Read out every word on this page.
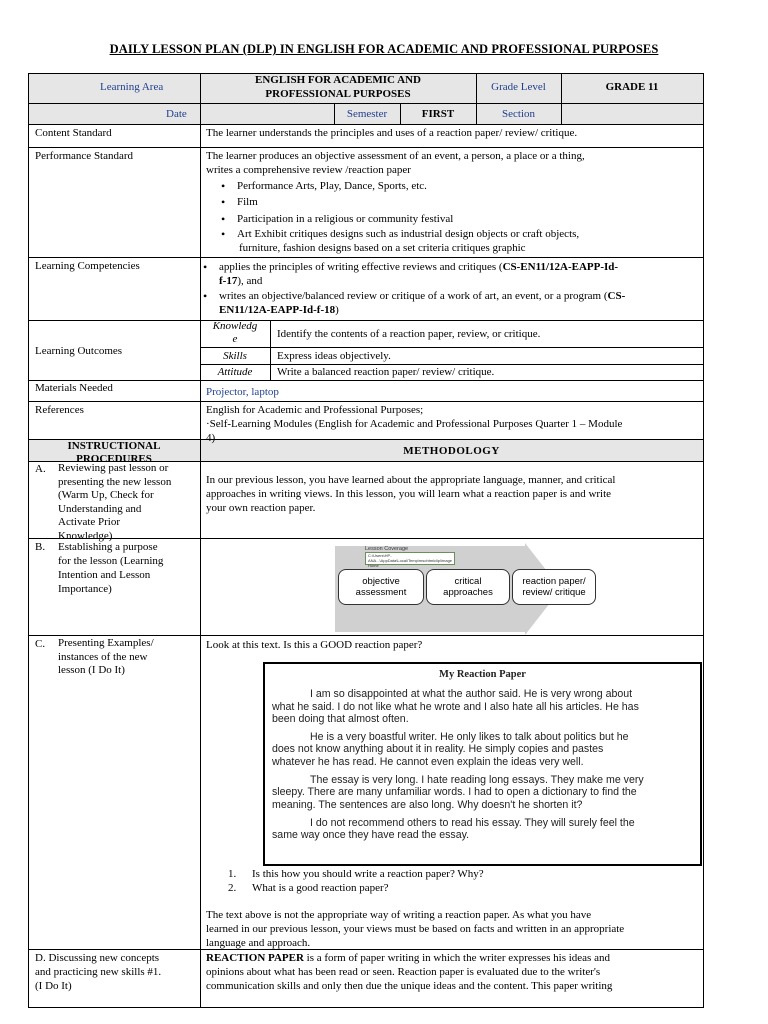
DAILY LESSON PLAN (DLP) IN ENGLISH FOR ACADEMIC AND PROFESSIONAL PURPOSES
Learning Area
ENGLISH FOR ACADEMIC AND
PROFESSIONAL PURPOSES
Grade Level	GRADE 11
Date	Semester	FIRST	Section
Content Standard	The learner understands the principles and uses of a reaction paper/ review/ critique.
Performance Standard	The learner produces an objective assessment of an event, a person, a place or a thing,
writes a comprehensive review /reaction paper
• Performance Arts, Play, Dance, Sports, etc.
• Film
• Participation in a religious or community festival
• Art Exhibit critiques designs such as industrial design objects or craft objects,
furniture, fashion designs based on a set criteria critiques graphic
Learning Competencies
•	applies the principles of writing effective reviews and critiques (CS-EN11/12A-EAPP-Id-
f-17), and
• writes an objective/balanced review or critique of a work of art, an event, or a program (CS-
EN11/12A-EAPP-Id-f-18)
Learning Outcomes
Knowledg
e	Identify the contents of a reaction paper, review, or critique.
Skills	Express ideas objectively.
Attitude	Write a balanced reaction paper/ review/ critique.
Materials Needed	Projector, laptop
References	English for Academic and Professional Purposes;
·Self-Learning Modules (English for Academic and Professional Purposes Quarter 1 – Module
4)
INSTRUCTIONAL
PROCEDURES
METHODOLOGY
A. Reviewing past lesson or
presenting the new lesson
(Warm Up, Check for
Understanding and
Activate Prior
Knowledge)
In our previous lesson, you have learned about the appropriate language, manner, and critical
approaches in writing views. In this lesson, you will learn what a reaction paper is and write
your own reaction paper.
B. Establishing a purpose
for the lesson (Learning
Intention and Lesson
Importance)
Lesson Coverage
C:\Users\HP-ANA...\AppData\Local\Temp\msohtmlclip\image
Home
objective
assessment
critical
approaches
reaction paper/
review/ critique
C. Presenting Examples/
instances of the new
lesson (I Do It)
Look at this text. Is this a GOOD reaction paper?
My Reaction Paper

I am so disappointed at what the author said. He is very wrong about
what he said. I do not like what he wrote and I also hate all his articles. He has
been doing that almost often.

He is a very boastful writer. He only likes to talk about politics but he
does not know anything about it in reality. He simply copies and pastes
whatever he has read. He cannot even explain the ideas very well.

The essay is very long. I hate reading long essays. They make me very
sleepy. There are many unfamiliar words. I had to open a dictionary to find the
meaning. The sentences are also long. Why doesn't he shorten it?

I do not recommend others to read his essay. They will surely feel the
same way once they have read the essay.

1. Is this how you should write a reaction paper? Why?
2. What is a good reaction paper?
The text above is not the appropriate way of writing a reaction paper. As what you have
learned in our previous lesson, your views must be based on facts and written in an appropriate
language and approach.
D. Discussing new concepts
and practicing new skills #1.
(I Do It)
REACTION PAPER is a form of paper writing in which the writer expresses his ideas and
opinions about what has been read or seen. Reaction paper is evaluated due to the writer's
communication skills and only then due the unique ideas and the content. This paper writing
